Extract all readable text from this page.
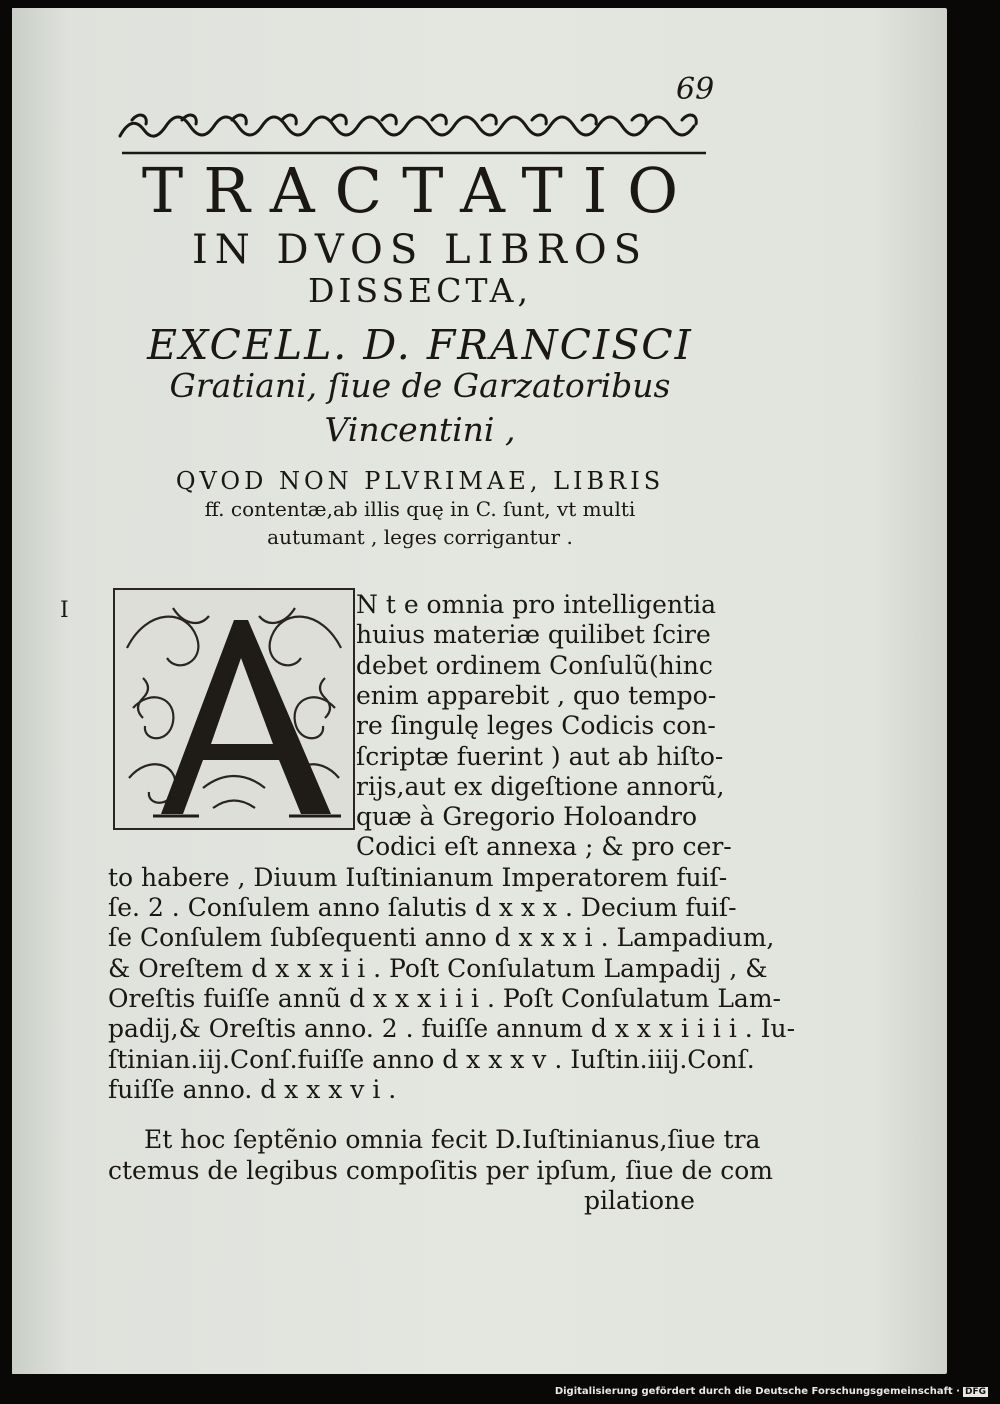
69
TRACTATIO
IN DVOS LIBROS
DISSECTA,
EXCELL. D. FRANCISCI
Gratiani, ſiue de Garzatoribus
Vincentini ,
QVOD NON PLVRIMAE, LIBRIS
ff. contentæ,ab illis quę in C. ſunt, vt multi
autumant , leges corrigantur .
I	N t e omnia pro intelligentia
huius materiæ quilibet ſcire
debet ordinem Conſulũ(hinc
enim apparebit , quo tempo-
re ſingulę leges Codicis con-
ſcriptæ fuerint ) aut ab hiſto-
rijs,aut ex digeſtione annorũ,
quæ à Gregorio Holoandro
Codici eſt annexa ; & pro cer-
to habere , Diuum Iuſtinianum Imperatorem fuiſ-
ſe. 2 . Conſulem anno ſalutis d x x x . Decium fuiſ-
ſe Conſulem ſubſequenti anno d x x x i . Lampadium,
& Oreſtem d x x x i i . Poſt Conſulatum Lampadij , &
Oreſtis fuiſſe annũ d x x x i i i . Poſt Conſulatum Lam-
padij,& Oreſtis anno. 2 . fuiſſe annum d x x x i i i i . Iu-
ſtinian.iij.Conſ.fuiſſe anno d x x x v . Iuſtin.iiij.Conſ.
fuiſſe anno. d x x x v i .
Et hoc ſeptẽnio omnia fecit D.Iuſtinianus,ſiue tra
ctemus de legibus compoſitis per ipſum, ſiue de com
pilatione
Digitalisierung gefördert durch die Deutsche Forschungsgemeinschaft · DFG
